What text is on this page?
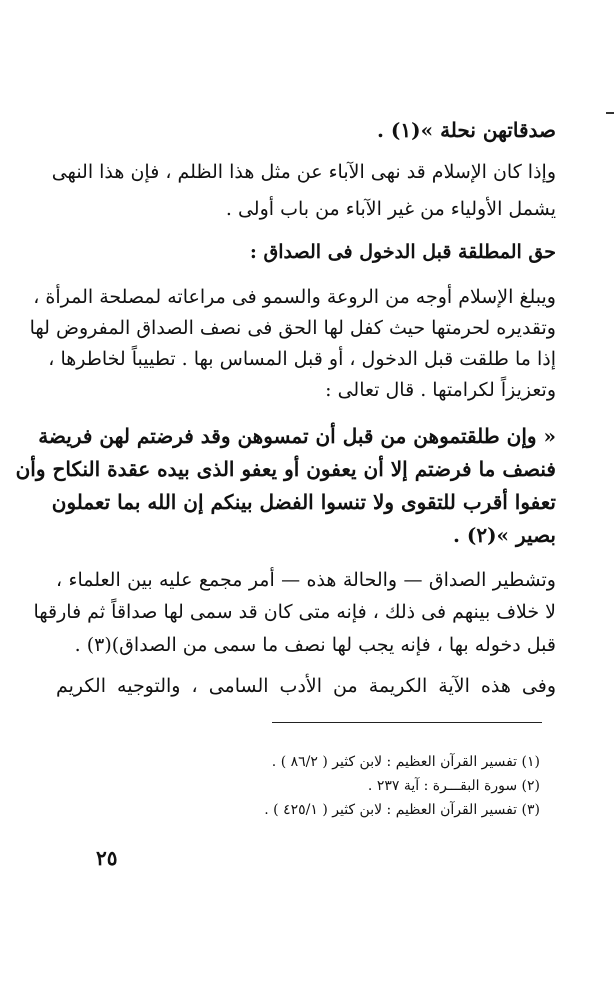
صدقاتهن نحلة »(١) .
وإذا كان الإسلام قد نهى الآباء عن مثل هذا الظلم ، فإن هذا النهى
يشمل الأولياء من غير الآباء من باب أولى .
حق المطلقة قبل الدخول فى الصداق :
ويبلغ الإسلام أوجه من الروعة والسمو فى مراعاته لمصلحة المرأة ،
وتقديره لحرمتها حيث كفل لها الحق فى نصف الصداق المفروض لها
إذا ما طلقت قبل الدخول ، أو قبل المساس بها . تطييباً لخاطرها ،
وتعزيزاً لكرامتها . قال تعالى :
« وإن طلقتموهن من قبل أن تمسوهن وقد فرضتم لهن فريضة
فنصف ما فرضتم إلا أن يعفون أو يعفو الذى بيده عقدة النكاح وأن
تعفوا أقرب للتقوى ولا تنسوا الفضل بينكم إن الله بما تعملون
بصير »(٢) .
وتشطير الصداق — والحالة هذه — أمر مجمع عليه بين العلماء ،
لا خلاف بينهم فى ذلك ، فإنه متى كان قد سمى لها صداقاً ثم فارقها
قبل دخوله بها ، فإنه يجب لها نصف ما سمى من الصداق)(٣) .
وفى هذه الآية الكريمة من الأدب السامى ، والتوجيه الكريم
(١) تفسير القرآن العظيم : لابن كثير ( ٨٦/٢ ) .
(٢) سورة البقـــرة : آية ٢٣٧ .
(٣) تفسير القرآن العظيم : لابن كثير ( ٤٢٥/١ ) .
٢٥
